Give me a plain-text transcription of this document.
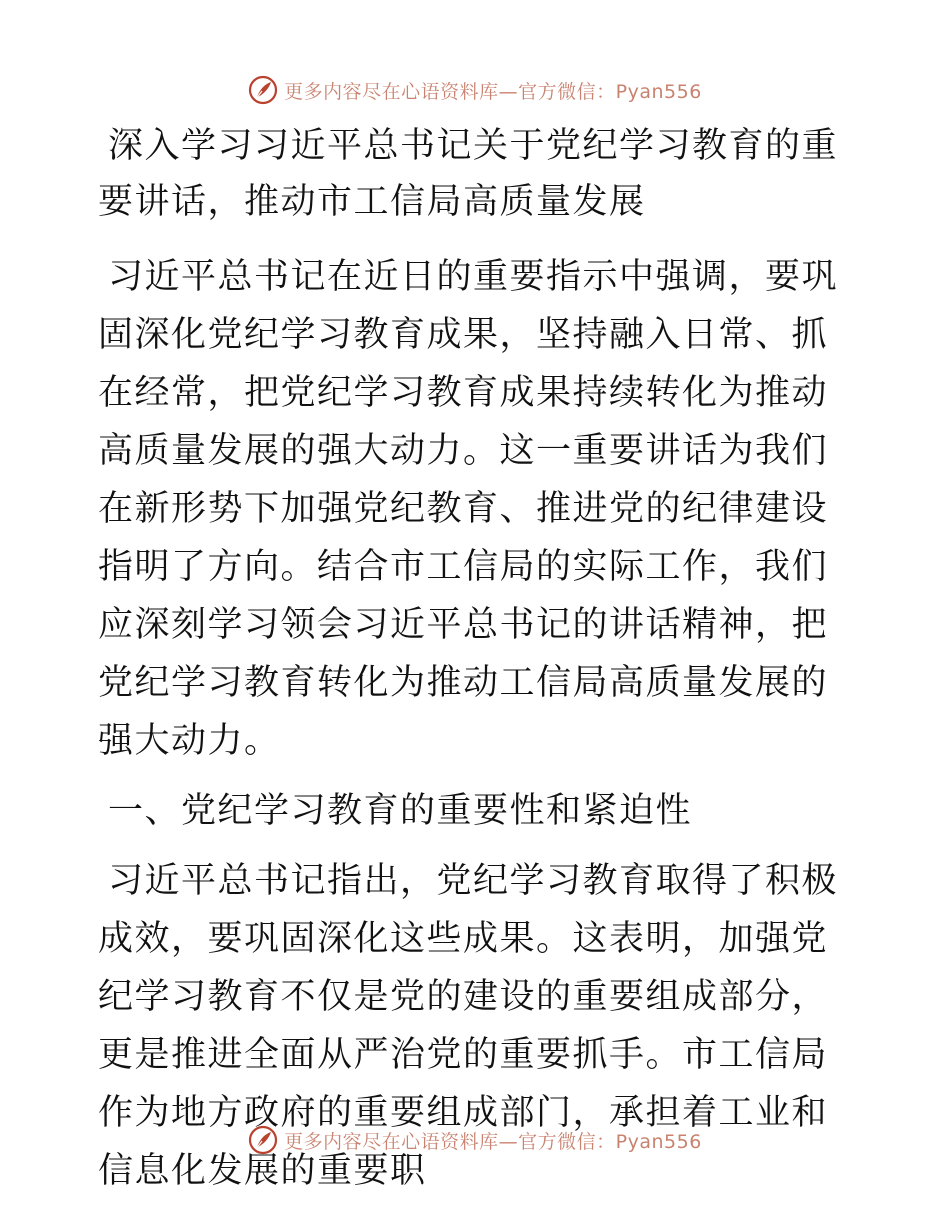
更多内容尽在心语资料库—官方微信：Pyan556
深入学习习近平总书记关于党纪学习教育的重要讲话，推动市工信局高质量发展

习近平总书记在近日的重要指示中强调，要巩固深化党纪学习教育成果，坚持融入日常、抓在经常，把党纪学习教育成果持续转化为推动高质量发展的强大动力。这一重要讲话为我们在新形势下加强党纪教育、推进党的纪律建设指明了方向。结合市工信局的实际工作，我们应深刻学习领会习近平总书记的讲话精神，把党纪学习教育转化为推动工信局高质量发展的强大动力。

一、党纪学习教育的重要性和紧迫性

习近平总书记指出，党纪学习教育取得了积极成效，要巩固深化这些成果。这表明，加强党纪学习教育不仅是党的建设的重要组成部分，更是推进全面从严治党的重要抓手。市工信局作为地方政府的重要组成部门，承担着工业和信息化发展的重要职

更多内容尽在心语资料库—官方微信：Pyan556
